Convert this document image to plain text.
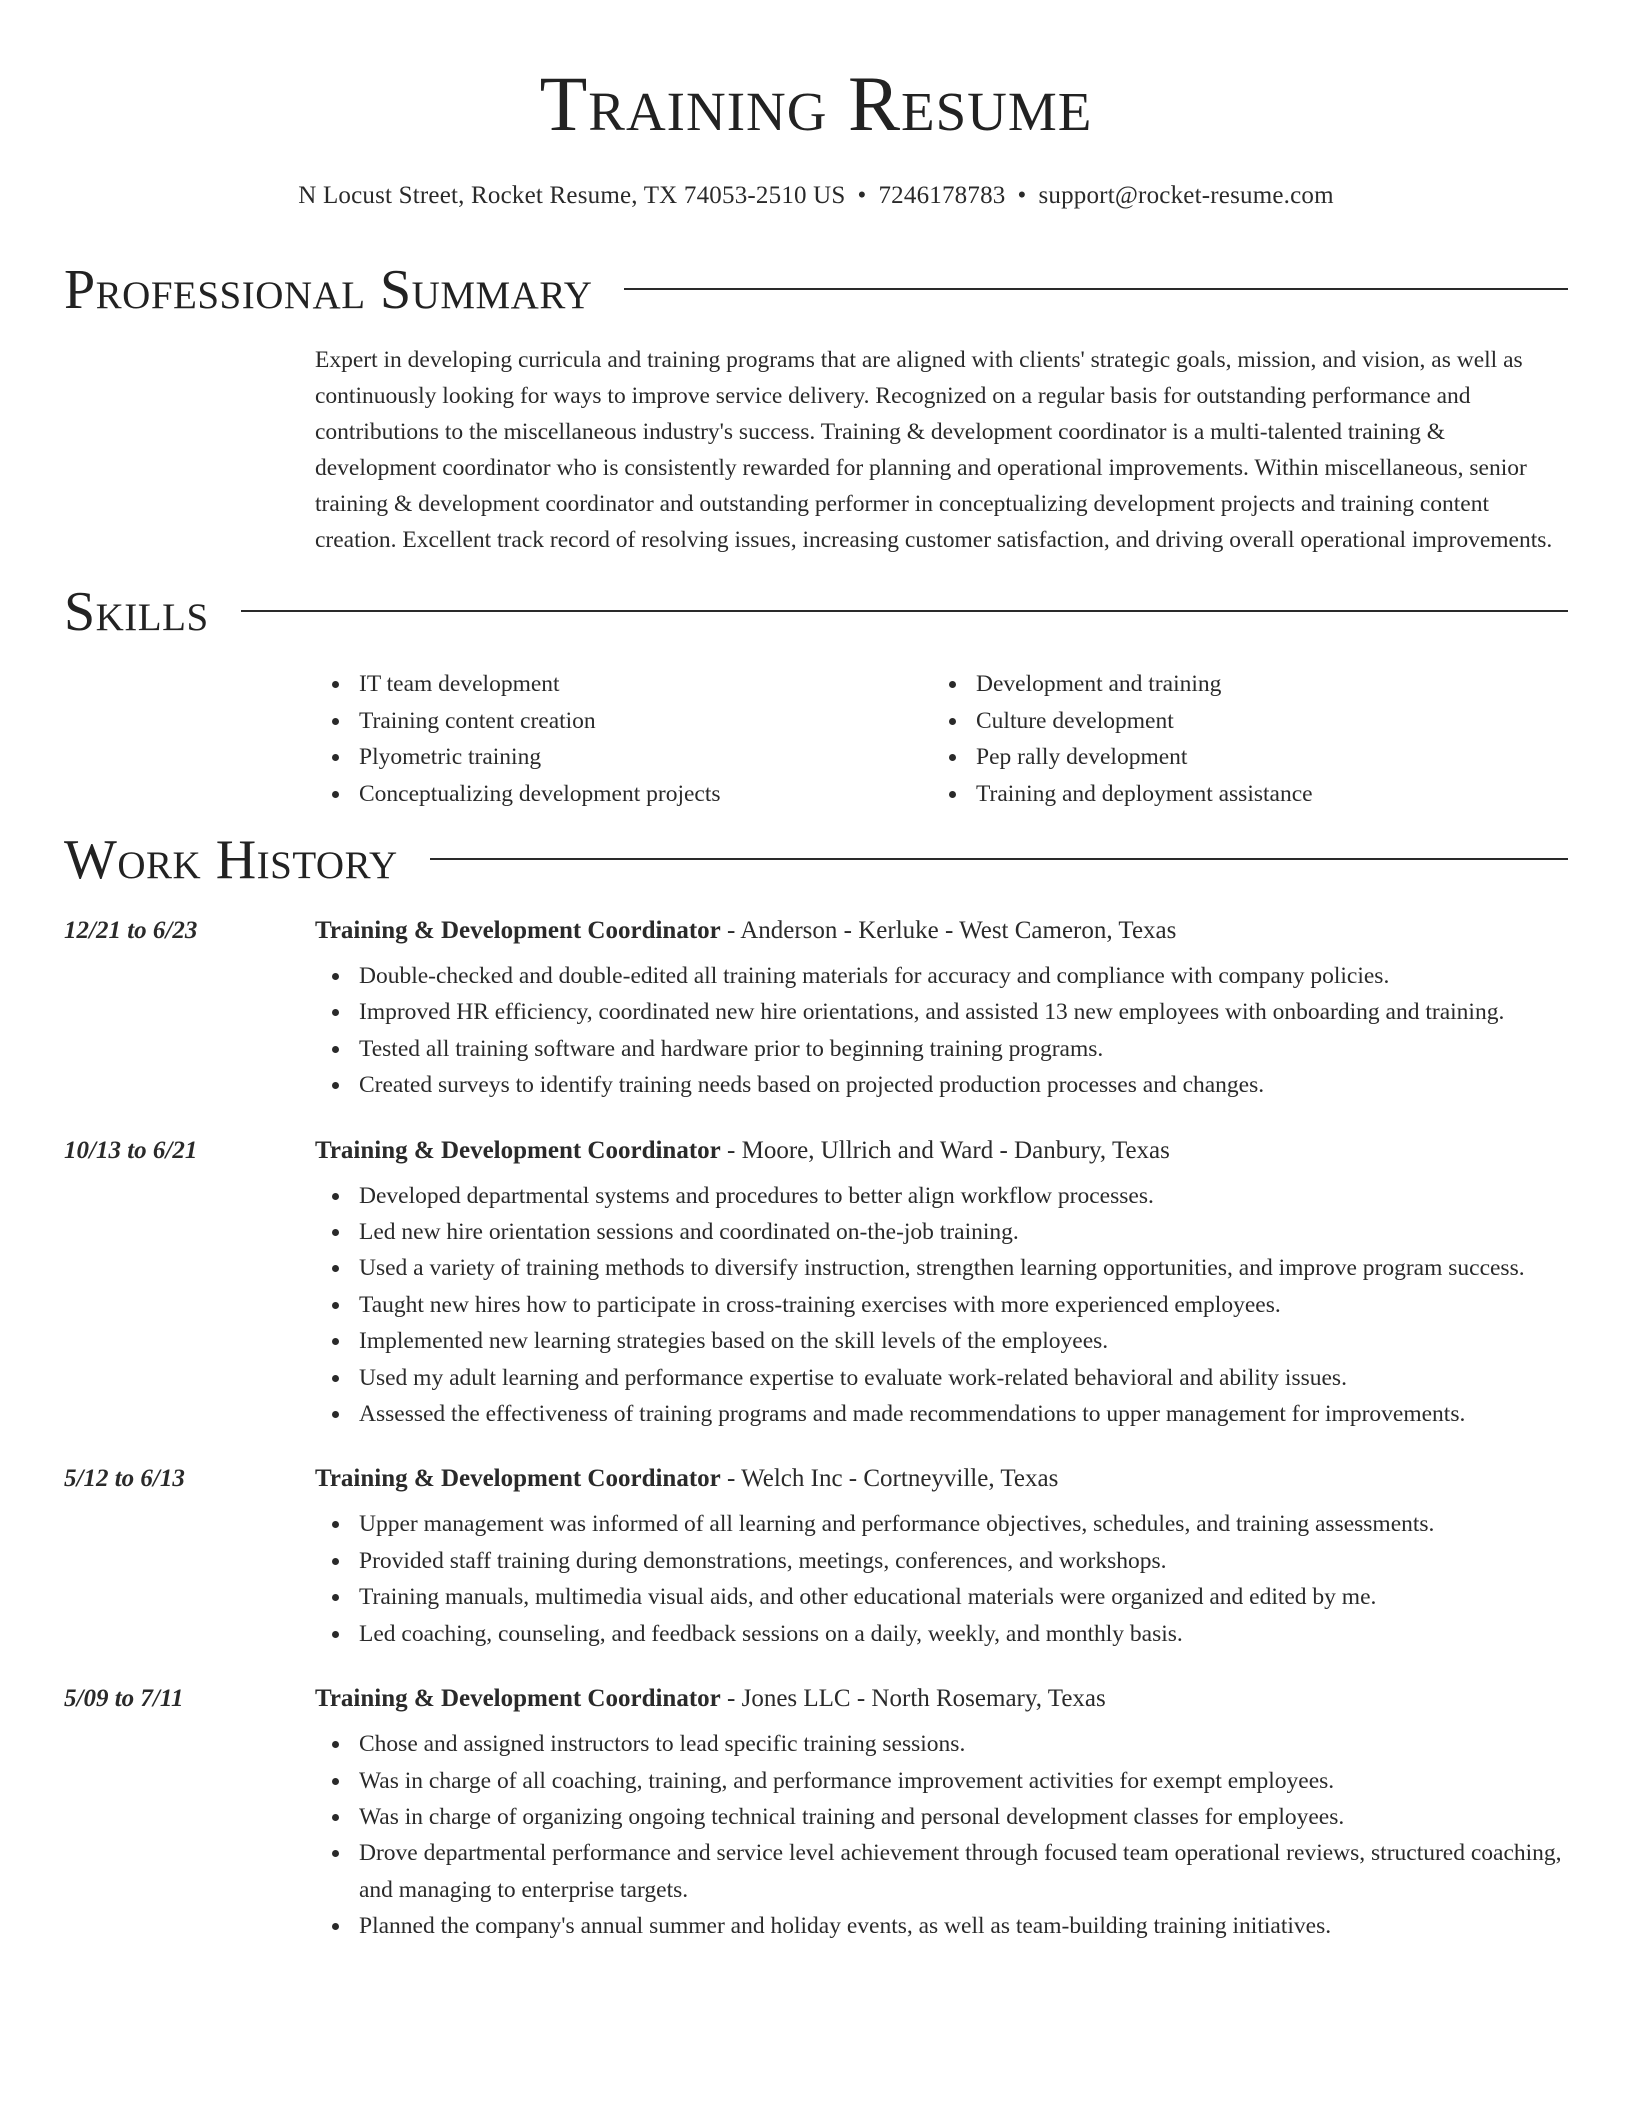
Training Resume
N Locust Street, Rocket Resume, TX 74053-2510 US • 7246178783 • support@rocket-resume.com
Professional Summary

Expert in developing curricula and training programs that are aligned with clients' strategic goals, mission, and vision, as well as continuously looking for ways to improve service delivery. Recognized on a regular basis for outstanding performance and contributions to the miscellaneous industry's success. Training & development coordinator is a multi-talented training & development coordinator who is consistently rewarded for planning and operational improvements. Within miscellaneous, senior training & development coordinator and outstanding performer in conceptualizing development projects and training content creation. Excellent track record of resolving issues, increasing customer satisfaction, and driving overall operational improvements.

Skills
IT team development	Development and training
Training content creation	Culture development
Plyometric training	Pep rally development
Conceptualizing development projects	Training and deployment assistance
Work History
12/21 to 6/23	Training & Development Coordinator - Anderson - Kerluke - West Cameron, Texas
Double-checked and double-edited all training materials for accuracy and compliance with company policies.
Improved HR efficiency, coordinated new hire orientations, and assisted 13 new employees with onboarding and training.
Tested all training software and hardware prior to beginning training programs.
Created surveys to identify training needs based on projected production processes and changes.
10/13 to 6/21	Training & Development Coordinator - Moore, Ullrich and Ward - Danbury, Texas
Developed departmental systems and procedures to better align workflow processes.
Led new hire orientation sessions and coordinated on-the-job training.
Used a variety of training methods to diversify instruction, strengthen learning opportunities, and improve program success.
Taught new hires how to participate in cross-training exercises with more experienced employees.
Implemented new learning strategies based on the skill levels of the employees.
Used my adult learning and performance expertise to evaluate work-related behavioral and ability issues.
Assessed the effectiveness of training programs and made recommendations to upper management for improvements.
5/12 to 6/13	Training & Development Coordinator - Welch Inc - Cortneyville, Texas
Upper management was informed of all learning and performance objectives, schedules, and training assessments.
Provided staff training during demonstrations, meetings, conferences, and workshops.
Training manuals, multimedia visual aids, and other educational materials were organized and edited by me.
Led coaching, counseling, and feedback sessions on a daily, weekly, and monthly basis.
5/09 to 7/11	Training & Development Coordinator - Jones LLC - North Rosemary, Texas
Chose and assigned instructors to lead specific training sessions.
Was in charge of all coaching, training, and performance improvement activities for exempt employees.
Was in charge of organizing ongoing technical training and personal development classes for employees.
Drove departmental performance and service level achievement through focused team operational reviews, structured coaching, and managing to enterprise targets.
Planned the company's annual summer and holiday events, as well as team-building training initiatives.
